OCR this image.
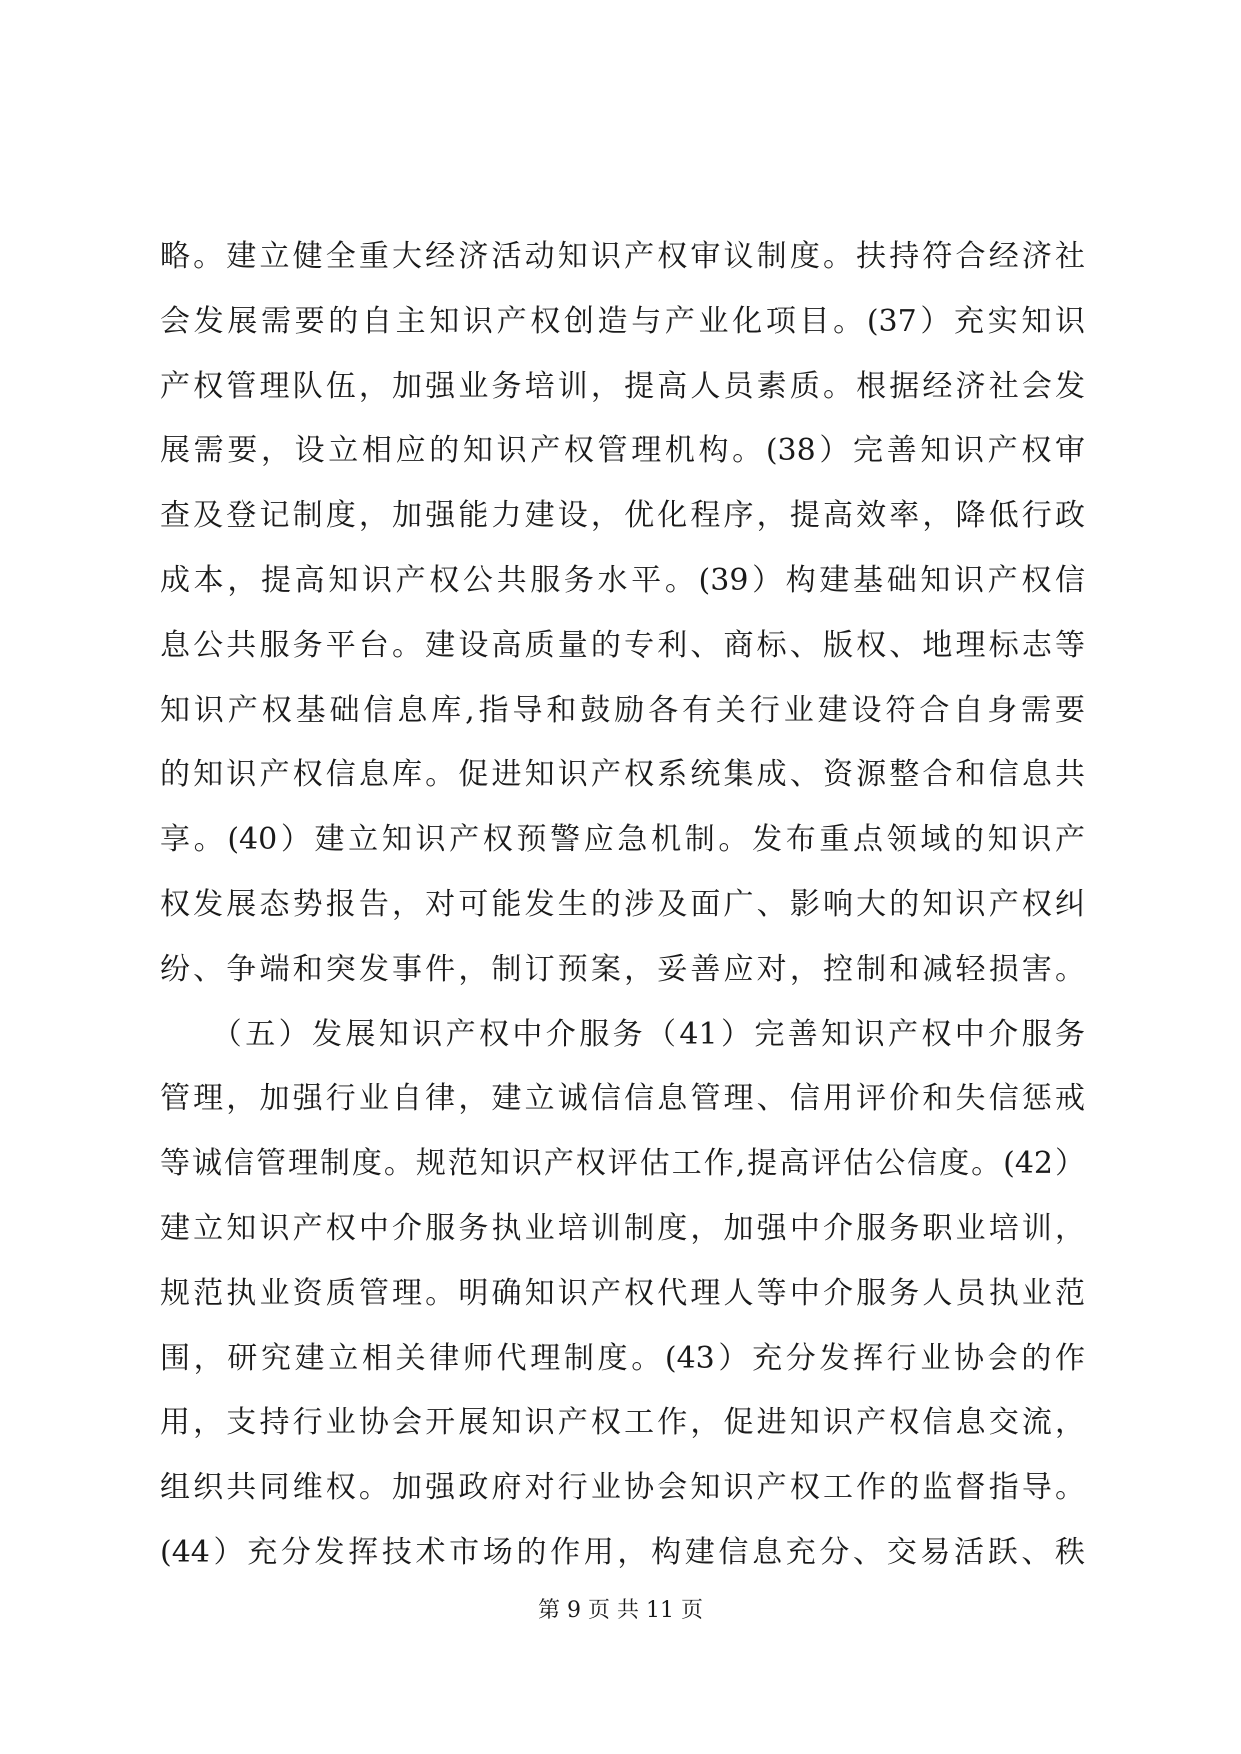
略。建立健全重大经济活动知识产权审议制度。扶持符合经济社
会发展需要的自主知识产权创造与产业化项目。(37）充实知识
产权管理队伍，加强业务培训，提高人员素质。根据经济社会发
展需要，设立相应的知识产权管理机构。(38）完善知识产权审
查及登记制度，加强能力建设，优化程序，提高效率，降低行政
成本，提高知识产权公共服务水平。(39）构建基础知识产权信
息公共服务平台。建设高质量的专利、商标、版权、地理标志等
知识产权基础信息库,指导和鼓励各有关行业建设符合自身需要
的知识产权信息库。促进知识产权系统集成、资源整合和信息共
享。(40）建立知识产权预警应急机制。发布重点领域的知识产
权发展态势报告，对可能发生的涉及面广、影响大的知识产权纠
纷、争端和突发事件，制订预案，妥善应对，控制和减轻损害。
　　（五）发展知识产权中介服务（41）完善知识产权中介服务
管理，加强行业自律，建立诚信信息管理、信用评价和失信惩戒
等诚信管理制度。规范知识产权评估工作,提高评估公信度。(42）
建立知识产权中介服务执业培训制度，加强中介服务职业培训，
规范执业资质管理。明确知识产权代理人等中介服务人员执业范
围，研究建立相关律师代理制度。(43）充分发挥行业协会的作
用，支持行业协会开展知识产权工作，促进知识产权信息交流，
组织共同维权。加强政府对行业协会知识产权工作的监督指导。
(44）充分发挥技术市场的作用，构建信息充分、交易活跃、秩
第 9 页 共 11 页
